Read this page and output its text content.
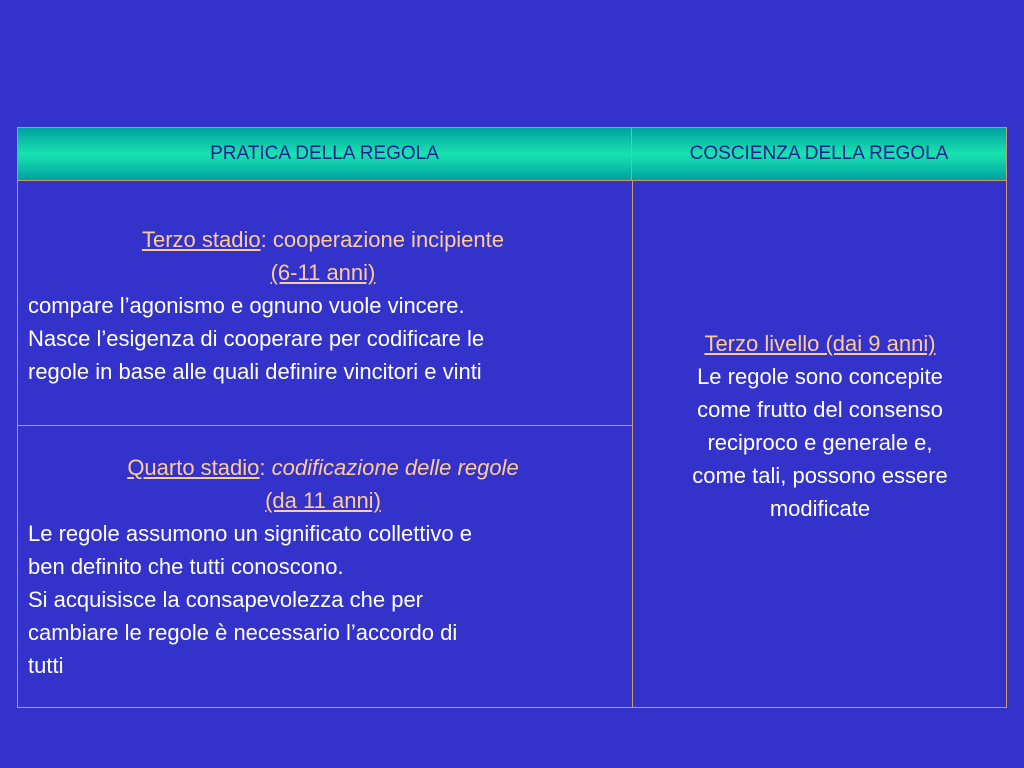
PRATICA DELLA REGOLA	COSCIENZA DELLA REGOLA
Terzo stadio: cooperazione incipiente
(6-11 anni)
compare l’agonismo e ognuno vuole vincere.
Nasce l’esigenza di cooperare per codificare le
regole in base alle quali definire vincitori e vinti
Quarto stadio: codificazione delle regole
(da 11 anni)
Le regole assumono un significato collettivo e
ben definito che tutti conoscono.
Si acquisisce la consapevolezza che per
cambiare le regole è necessario l’accordo di
tutti
Terzo livello (dai 9 anni)
Le regole sono concepite
come frutto del consenso
reciproco e generale e,
come tali, possono essere
modificate
